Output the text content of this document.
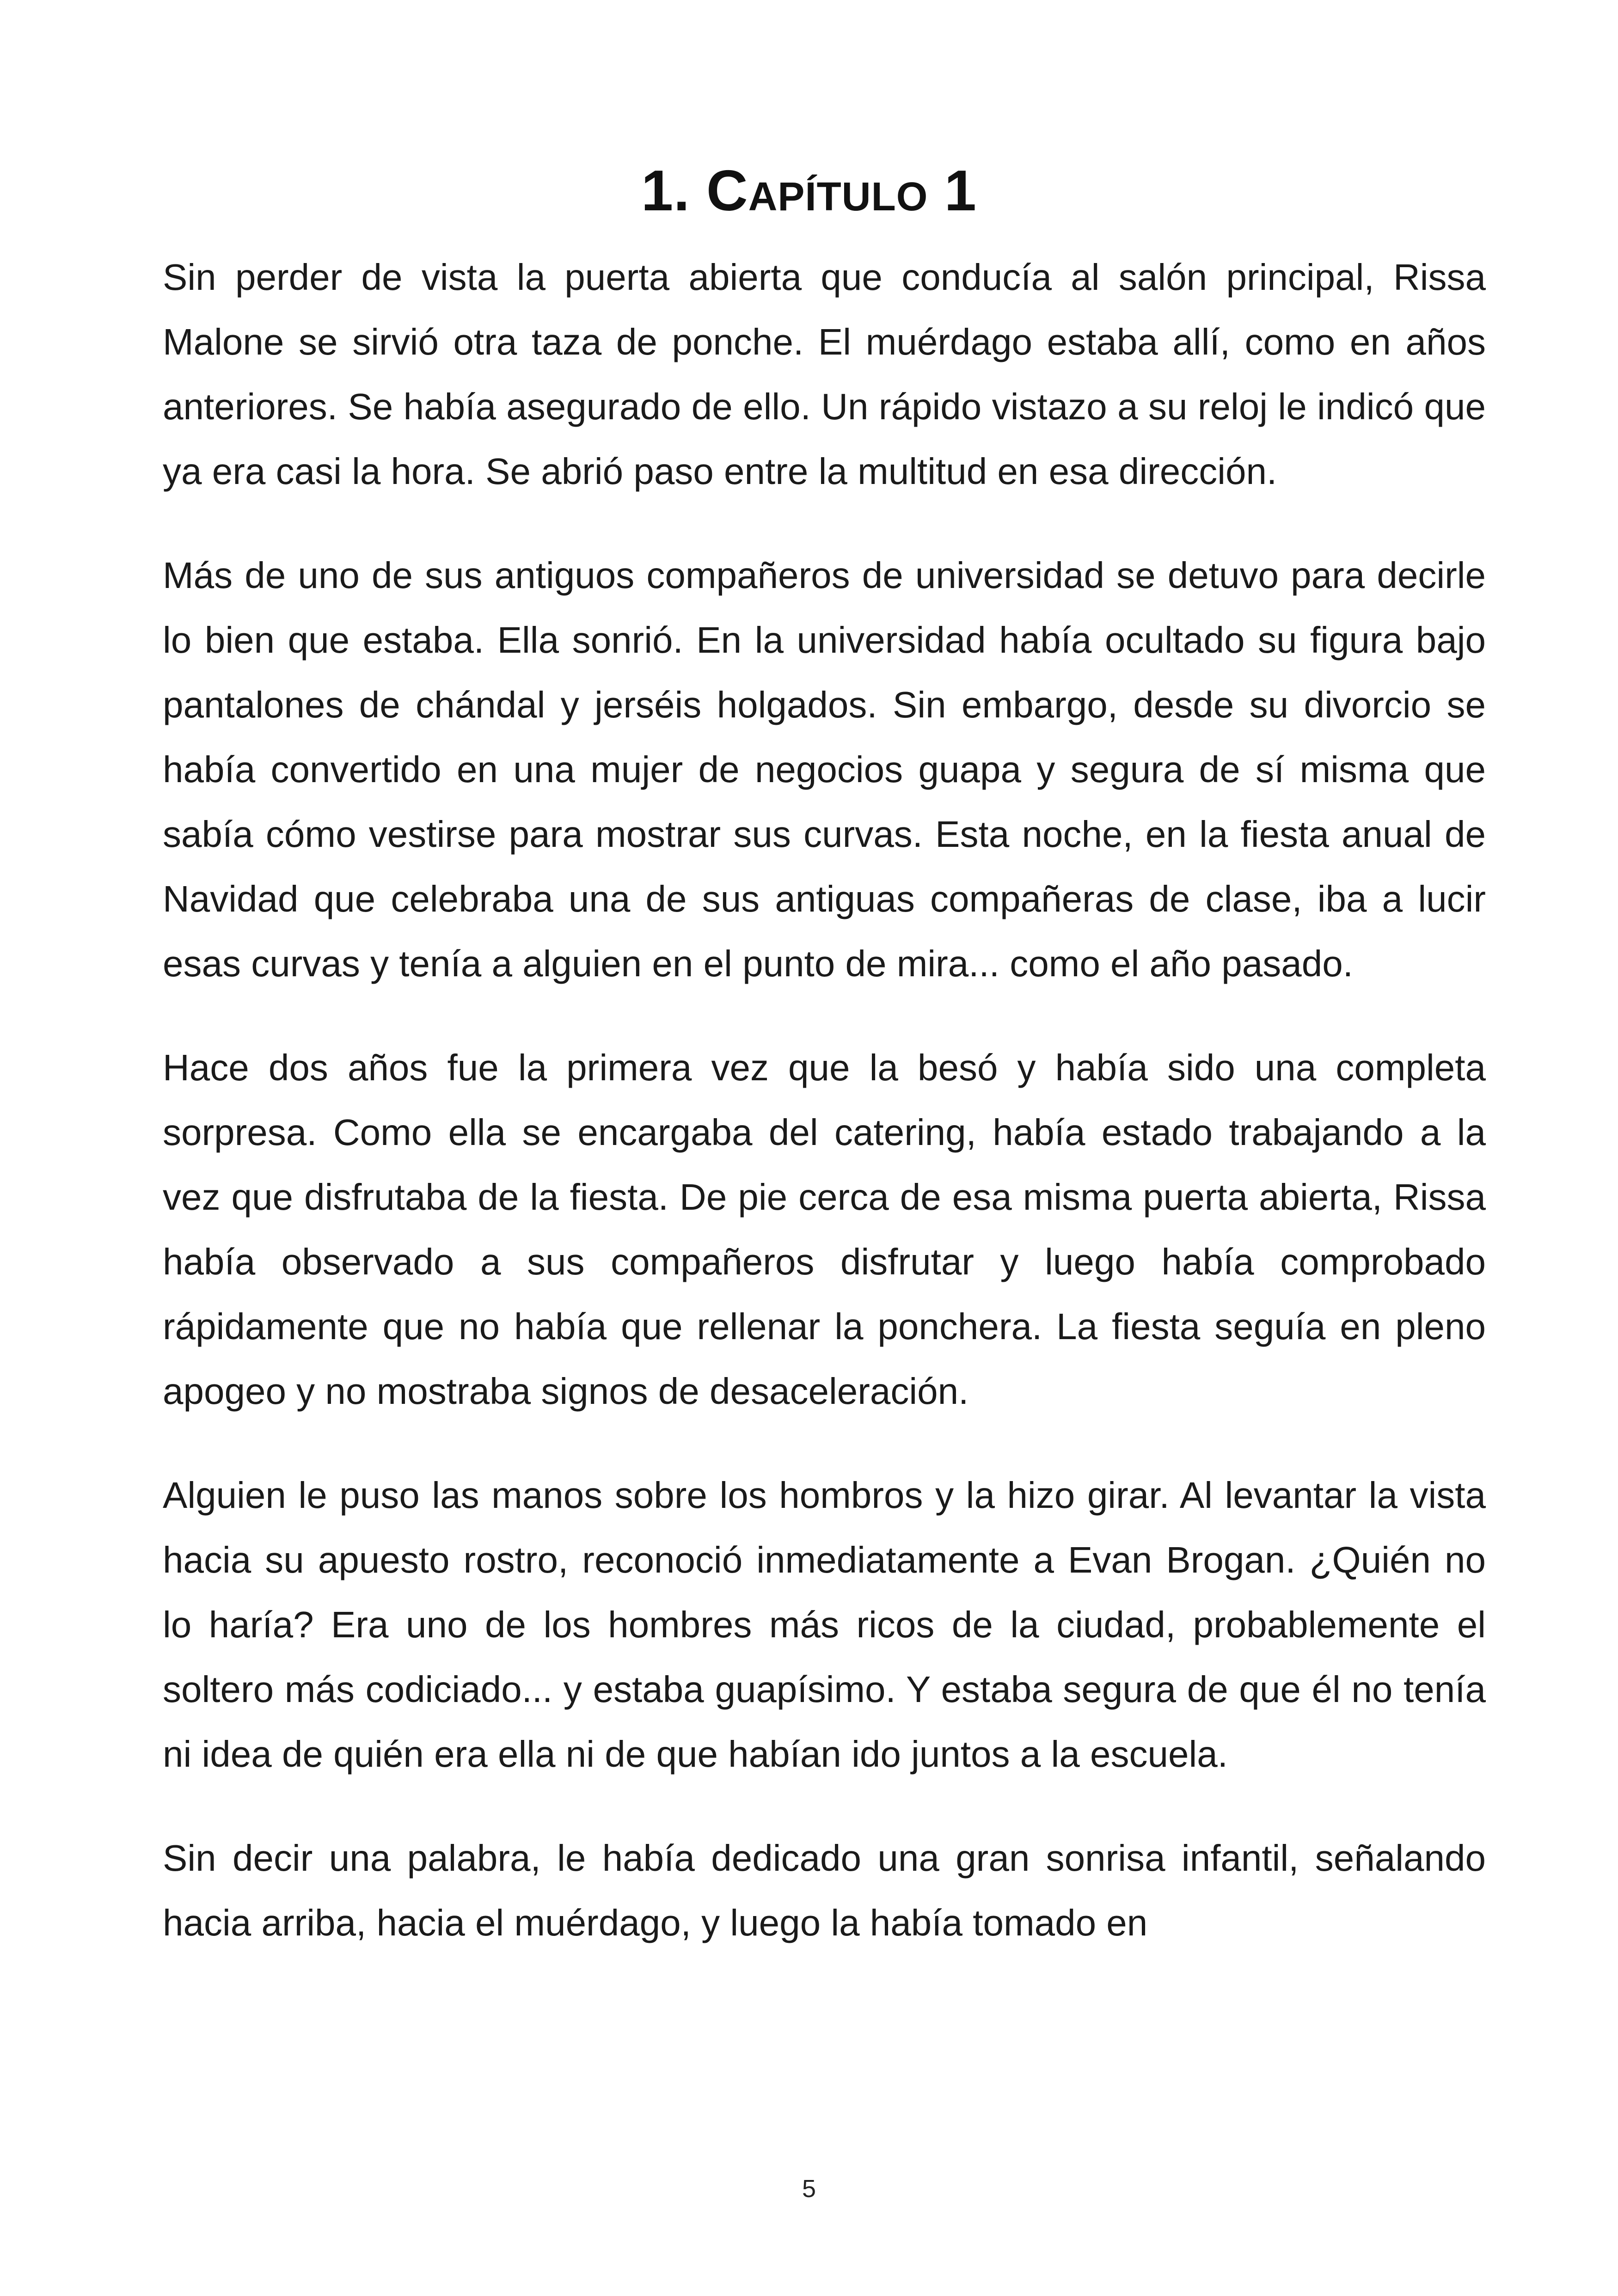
1. Capítulo 1

Sin perder de vista la puerta abierta que conducía al salón principal, Rissa Malone se sirvió otra taza de ponche. El muérdago estaba allí, como en años anteriores. Se había asegurado de ello. Un rápido vistazo a su reloj le indicó que ya era casi la hora. Se abrió paso entre la multitud en esa dirección.

Más de uno de sus antiguos compañeros de universidad se detuvo para decirle lo bien que estaba. Ella sonrió. En la universidad había ocultado su figura bajo pantalones de chándal y jerséis holgados. Sin embargo, desde su divorcio se había convertido en una mujer de negocios guapa y segura de sí misma que sabía cómo vestirse para mostrar sus curvas. Esta noche, en la fiesta anual de Navidad que celebraba una de sus antiguas compañeras de clase, iba a lucir esas curvas y tenía a alguien en el punto de mira... como el año pasado.

Hace dos años fue la primera vez que la besó y había sido una completa sorpresa. Como ella se encargaba del catering, había estado trabajando a la vez que disfrutaba de la fiesta. De pie cerca de esa misma puerta abierta, Rissa había observado a sus compañeros disfrutar y luego había comprobado rápidamente que no había que rellenar la ponchera. La fiesta seguía en pleno apogeo y no mostraba signos de desaceleración.

Alguien le puso las manos sobre los hombros y la hizo girar. Al levantar la vista hacia su apuesto rostro, reconoció inmediatamente a Evan Brogan. ¿Quién no lo haría? Era uno de los hombres más ricos de la ciudad, probablemente el soltero más codiciado... y estaba guapísimo. Y estaba segura de que él no tenía ni idea de quién era ella ni de que habían ido juntos a la escuela.

Sin decir una palabra, le había dedicado una gran sonrisa infantil, señalando hacia arriba, hacia el muérdago, y luego la había tomado en

5
